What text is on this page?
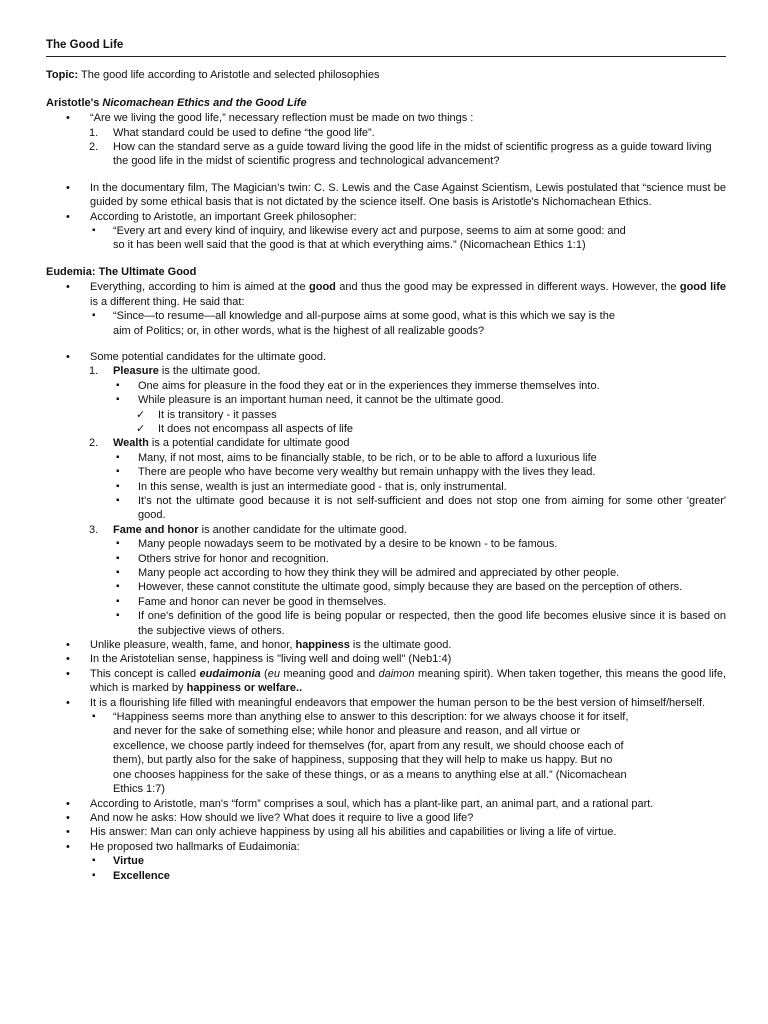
The Good Life
Topic: The good life according to Aristotle and selected philosophies
Aristotle's Nicomachean Ethics and the Good Life
• “Are we living the good life,” necessary reflection must be made on two things :
1. What standard could be used to define “the good life”.
2. How can the standard serve as a guide toward living the good life in the midst of scientific progress as a guide toward living the good life in the midst of scientific progress and technological advancement?
• In the documentary film, The Magician’s twin: C. S. Lewis and the Case Against Scientism, Lewis postulated that “science must be guided by some ethical basis that is not dictated by the science itself. One basis is Aristotle's Nichomachean Ethics.
• According to Aristotle, an important Greek philosopher:
▪ “Every art and every kind of inquiry, and likewise every act and purpose, seems to aim at some good: and so it has been well said that the good is that at which everything aims.” (Nicomachean Ethics 1:1)
Eudemia: The Ultimate Good
• Everything, according to him is aimed at the good and thus the good may be expressed in different ways. However, the good life is a different thing. He said that:
▪ “Since—to resume—all knowledge and all-purpose aims at some good, what is this which we say is the aim of Politics; or, in other words, what is the highest of all realizable goods?
• Some potential candidates for the ultimate good.
1. Pleasure is the ultimate good.
▪ One aims for pleasure in the food they eat or in the experiences they immerse themselves into.
▪ While pleasure is an important human need, it cannot be the ultimate good.
✓ It is transitory - it passes
✓ It does not encompass all aspects of life
2. Wealth is a potential candidate for ultimate good
▪ Many, if not most, aims to be financially stable, to be rich, or to be able to afford a luxurious life
▪ There are people who have become very wealthy but remain unhappy with the lives they lead.
▪ In this sense, wealth is just an intermediate good - that is, only instrumental.
▪ It's not the ultimate good because it is not self-sufficient and does not stop one from aiming for some other 'greater' good.
3. Fame and honor is another candidate for the ultimate good.
▪ Many people nowadays seem to be motivated by a desire to be known - to be famous.
▪ Others strive for honor and recognition.
▪ Many people act according to how they think they will be admired and appreciated by other people.
▪ However, these cannot constitute the ultimate good, simply because they are based on the perception of others.
▪ Fame and honor can never be good in themselves.
▪ If one's definition of the good life is being popular or respected, then the good life becomes elusive since it is based on the subjective views of others.
• Unlike pleasure, wealth, fame, and honor, happiness is the ultimate good.
• In the Aristotelian sense, happiness is "living well and doing well" (Neb1:4)
• This concept is called eudaimonia (eu meaning good and daimon meaning spirit). When taken together, this means the good life, which is marked by happiness or welfare..
• It is a flourishing life filled with meaningful endeavors that empower the human person to be the best version of himself/herself.
▪ “Happiness seems more than anything else to answer to this description: for we always choose it for itself, and never for the sake of something else; while honor and pleasure and reason, and all virtue or excellence, we choose partly indeed for themselves (for, apart from any result, we should choose each of them), but partly also for the sake of happiness, supposing that they will help to make us happy. But no one chooses happiness for the sake of these things, or as a means to anything else at all.” (Nicomachean Ethics 1:7)
• According to Aristotle, man's “form” comprises a soul, which has a plant-like part, an animal part, and a rational part.
• And now he asks: How should we live? What does it require to live a good life?
• His answer: Man can only achieve happiness by using all his abilities and capabilities or living a life of virtue.
• He proposed two hallmarks of Eudaimonia:
▪ Virtue
▪ Excellence
